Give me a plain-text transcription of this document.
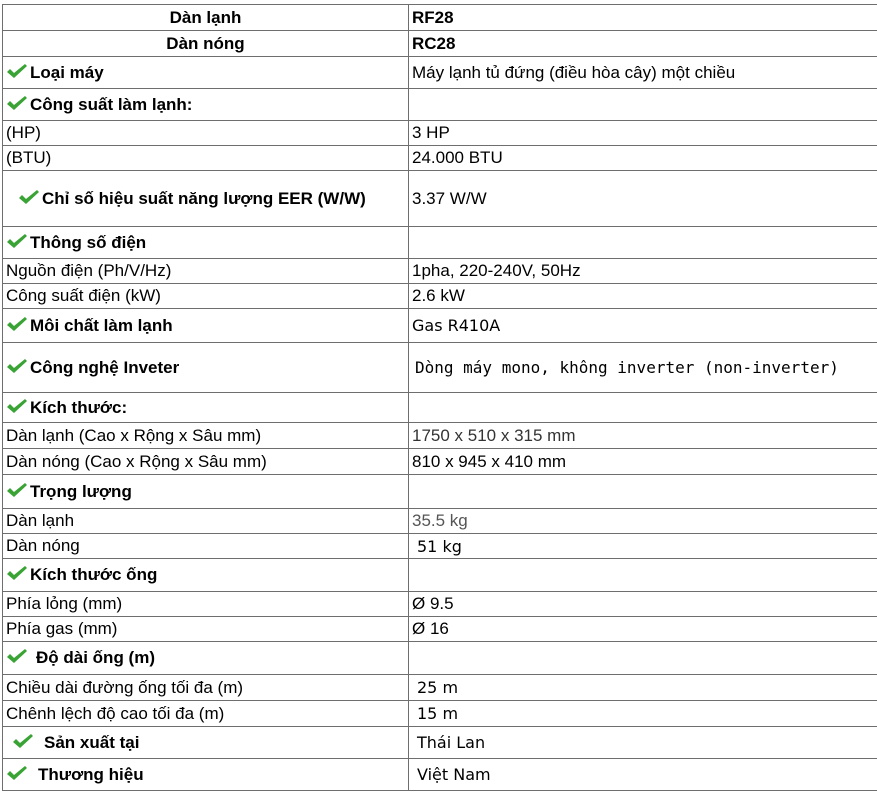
Dàn lạnh	RF28
Dàn nóng	RC28
Loại máy	Máy lạnh tủ đứng (điều hòa cây) một chiều
Công suất làm lạnh:	
(HP)	3 HP
(BTU)	24.000 BTU
Chỉ số hiệu suất năng lượng EER (W/W)	3.37 W/W
Thông số điện	
Nguồn điện (Ph/V/Hz)	1pha, 220-240V, 50Hz
Công suất điện (kW)	2.6 kW
Môi chất làm lạnh	Gas R410A
Công nghệ Inveter	Dòng máy mono, không inverter (non-inverter)
Kích thước:	
Dàn lạnh (Cao x Rộng x Sâu mm)	1750 x 510 x 315 mm
Dàn nóng (Cao x Rộng x Sâu mm)	810 x 945 x 410 mm
Trọng lượng	
Dàn lạnh	35.5 kg
Dàn nóng	51 kg
Kích thước ống	
Phía lỏng (mm)	Ø 9.5
Phía gas (mm)	Ø 16
Độ dài ống (m)	
Chiều dài đường ống tối đa (m)	25 m
Chênh lệch độ cao tối đa (m)	15 m
Sản xuất tại	Thái Lan
Thương hiệu	Việt Nam
